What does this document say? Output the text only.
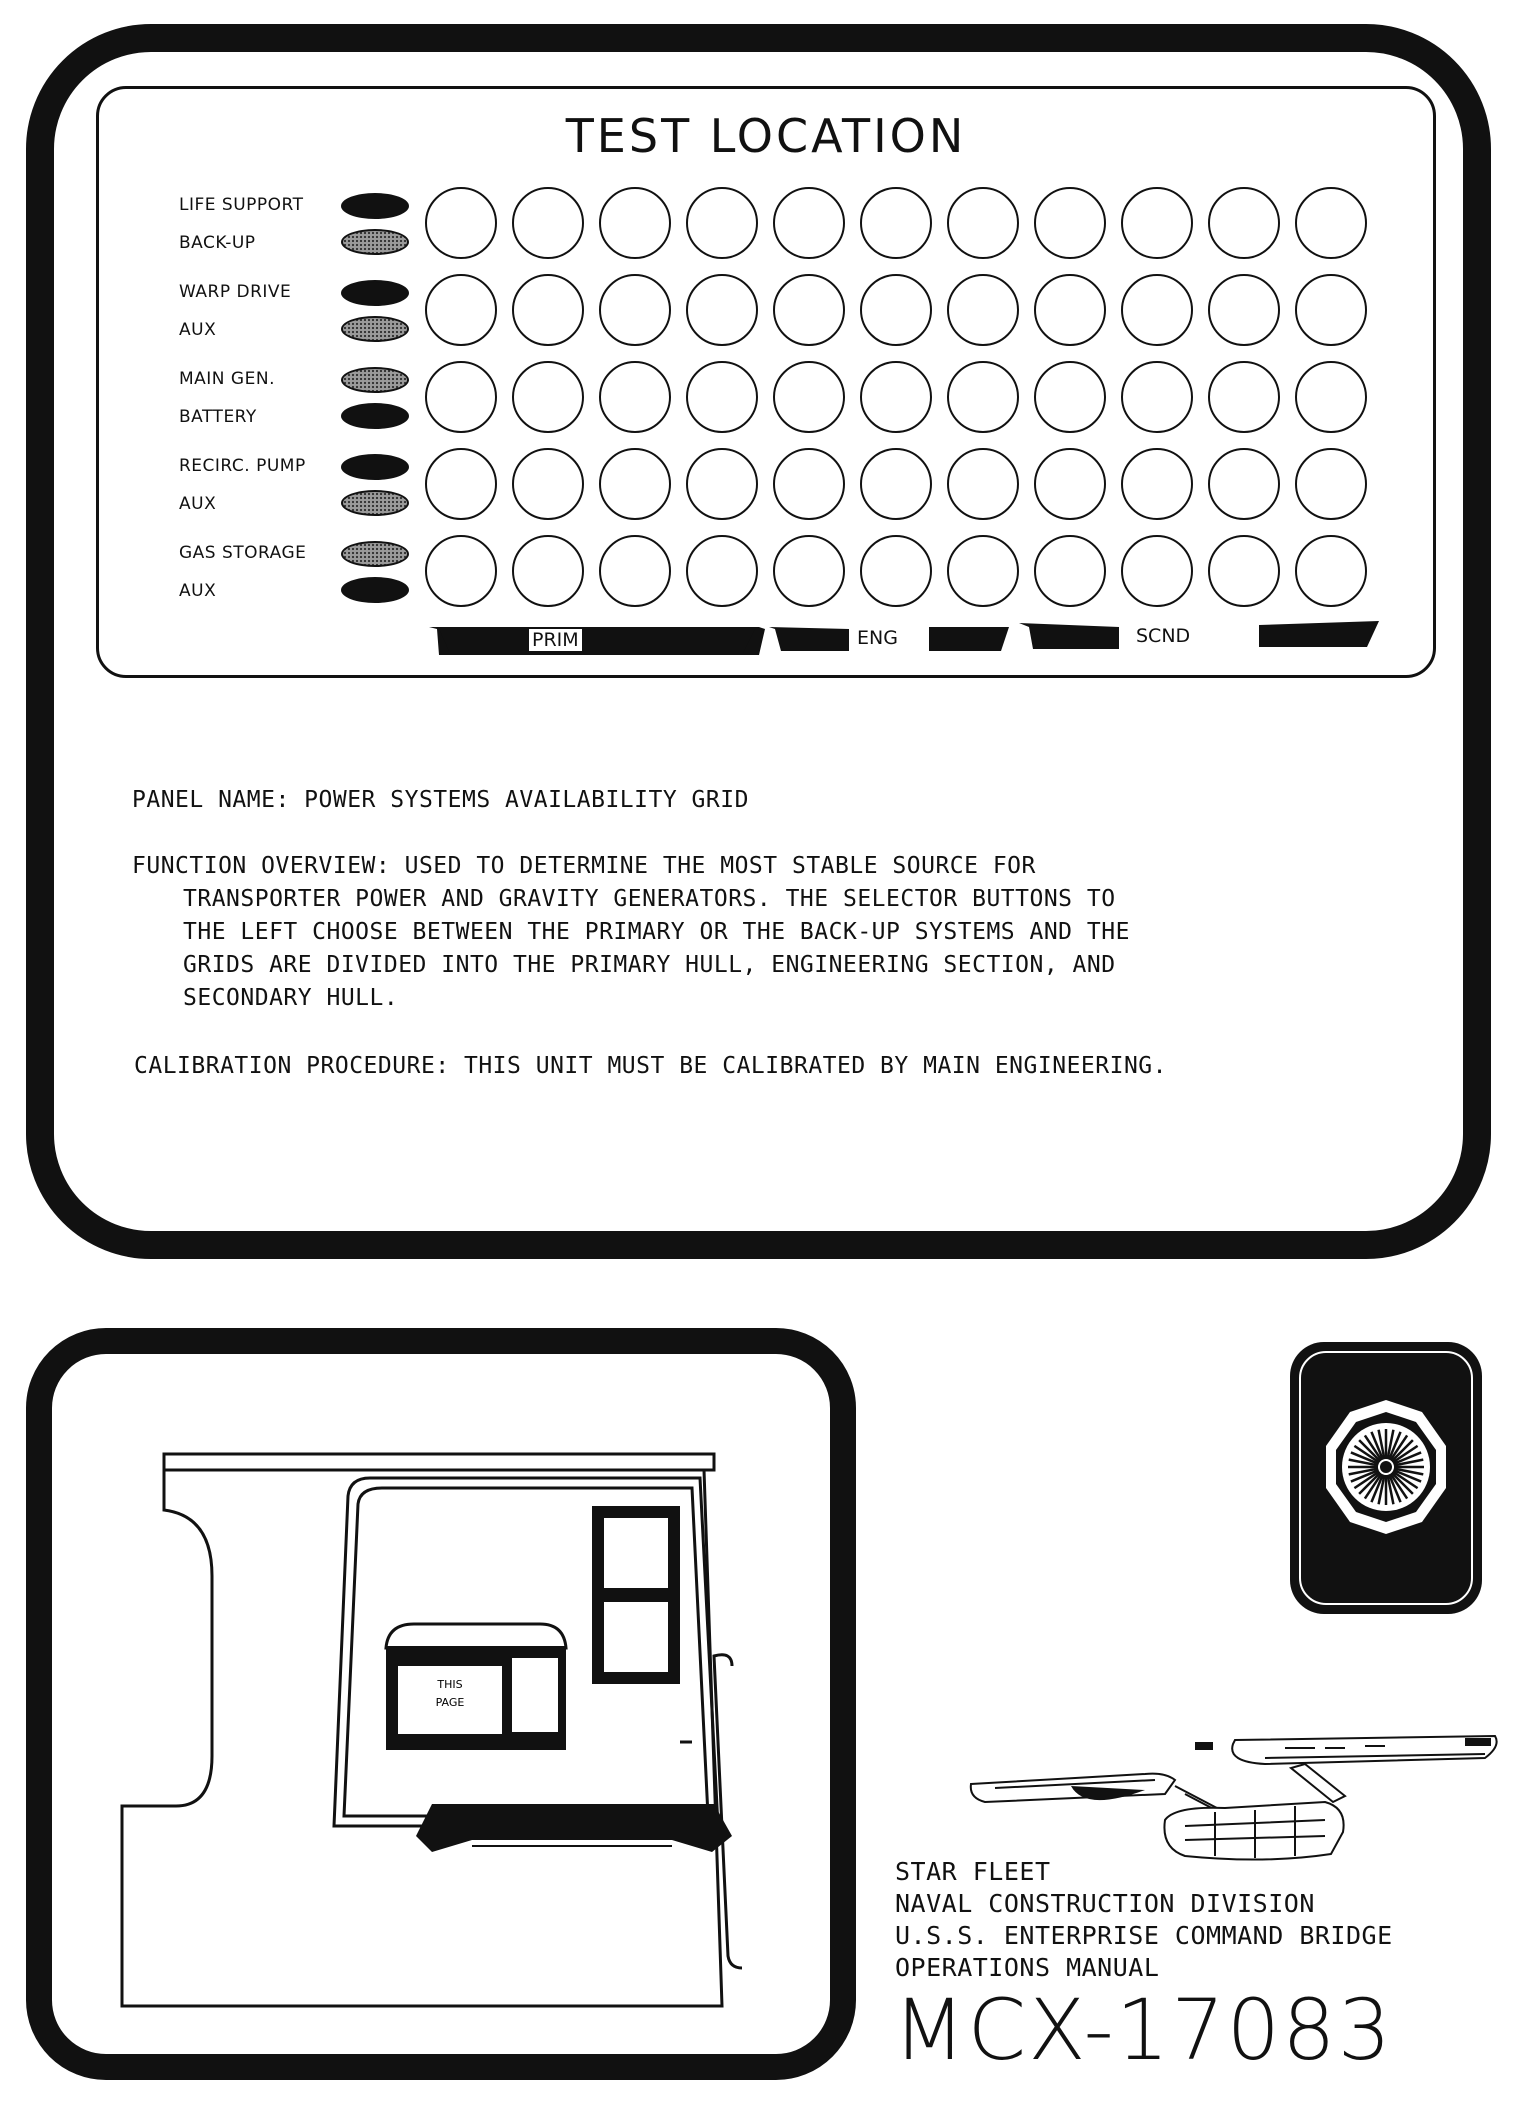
TEST LOCATION
LIFE SUPPORT
BACK-UP
WARP DRIVE
AUX
MAIN GEN.
BATTERY
RECIRC. PUMP
AUX
GAS STORAGE
AUX
PRIM	ENG	SCND
PANEL NAME: POWER SYSTEMS AVAILABILITY GRID
FUNCTION OVERVIEW: USED TO DETERMINE THE MOST STABLE SOURCE FOR
TRANSPORTER POWER AND GRAVITY GENERATORS. THE SELECTOR BUTTONS TO
THE LEFT CHOOSE BETWEEN THE PRIMARY OR THE BACK-UP SYSTEMS AND THE
GRIDS ARE DIVIDED INTO THE PRIMARY HULL, ENGINEERING SECTION, AND
SECONDARY HULL.
CALIBRATION PROCEDURE: THIS UNIT MUST BE CALIBRATED BY MAIN ENGINEERING.
THIS
PAGE
STAR FLEET
NAVAL CONSTRUCTION DIVISION
U.S.S. ENTERPRISE COMMAND BRIDGE
OPERATIONS MANUAL
MCX-17083
